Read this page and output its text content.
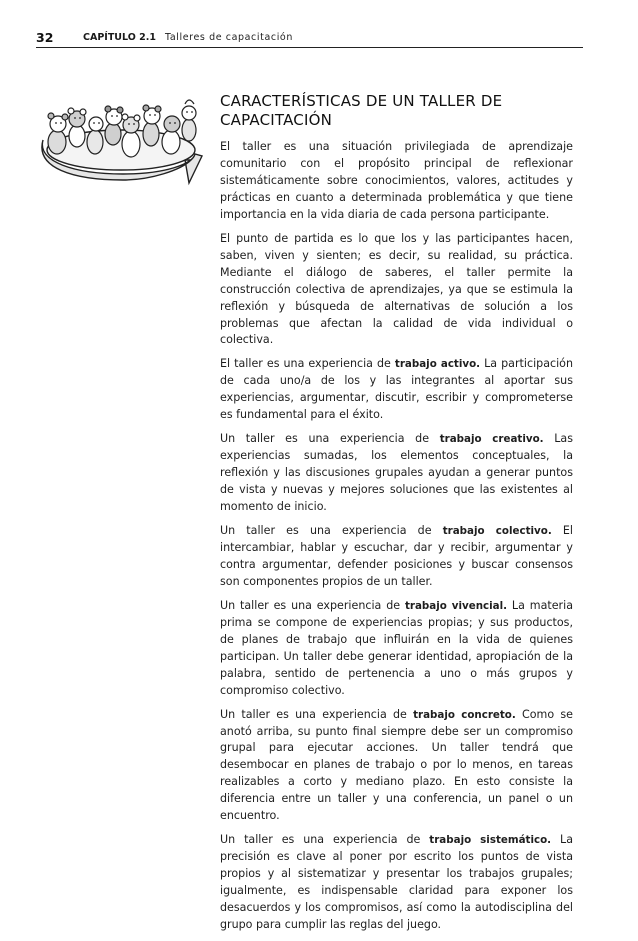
32	CAPÍTULO 2.1 Talleres de capacitación
CARACTERÍSTICAS DE UN TALLER DE
CAPACITACIÓN

El taller es una situación privilegiada de aprendizaje comunitario con el propósito principal de reflexionar sistemáticamente sobre conocimientos, valores, actitudes y prácticas en cuanto a determinada problemática y que tiene importancia en la vida diaria de cada persona participante.

El punto de partida es lo que los y las participantes hacen, saben, viven y sienten; es decir, su realidad, su práctica. Mediante el diálogo de saberes, el taller permite la construcción colectiva de aprendizajes, ya que se estimula la reflexión y búsqueda de alternativas de solución a los problemas que afectan la calidad de vida individual o colectiva.

El taller es una experiencia de trabajo activo. La participación de cada uno/a de los y las integrantes al aportar sus experiencias, argumentar, discutir, escribir y comprometerse es fundamental para el éxito.

Un taller es una experiencia de trabajo creativo. Las experiencias sumadas, los elementos conceptuales, la reflexión y las discusiones grupales ayudan a generar puntos de vista y nuevas y mejores soluciones que las existentes al momento de inicio.

Un taller es una experiencia de trabajo colectivo. El intercambiar, hablar y escuchar, dar y recibir, argumentar y contra argumentar, defender posiciones y buscar consensos son componentes propios de un taller.

Un taller es una experiencia de trabajo vivencial. La materia prima se compone de experiencias propias; y sus productos, de planes de trabajo que influirán en la vida de quienes participan. Un taller debe generar identidad, apropiación de la palabra, sentido de pertenencia a uno o más grupos y compromiso colectivo.

Un taller es una experiencia de trabajo concreto. Como se anotó arriba, su punto final siempre debe ser un compromiso grupal para ejecutar acciones. Un taller tendrá que desembocar en planes de trabajo o por lo menos, en tareas realizables a corto y mediano plazo. En esto consiste la diferencia entre un taller y una conferencia, un panel o un encuentro.

Un taller es una experiencia de trabajo sistemático. La precisión es clave al poner por escrito los puntos de vista propios y al sistematizar y presentar los trabajos grupales; igualmente, es indispensable claridad para exponer los desacuerdos y los compromisos, así como la autodisciplina del grupo para cumplir las reglas del juego.
